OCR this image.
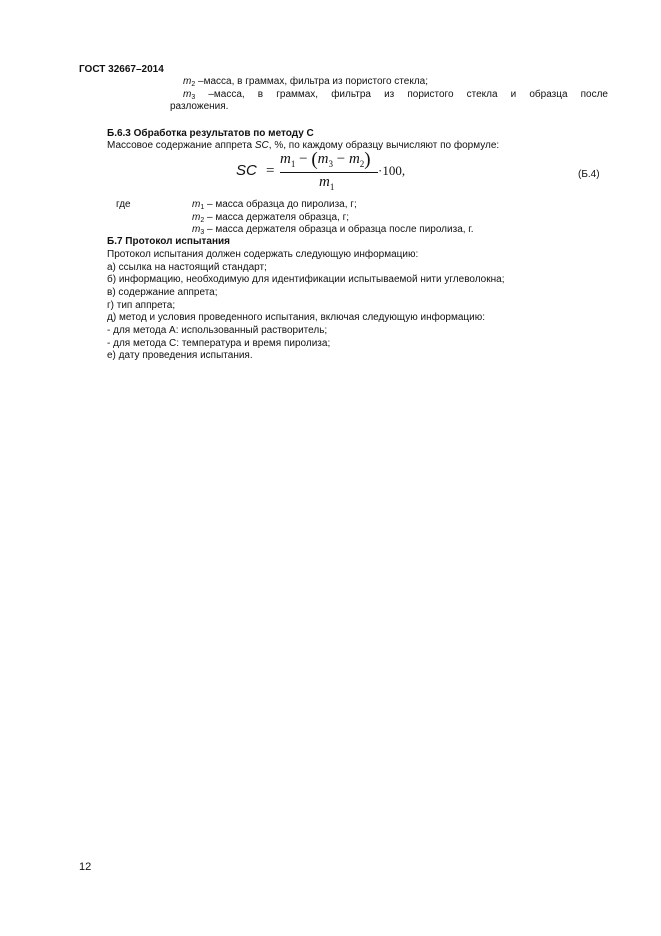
ГОСТ 32667–2014
$m_2$ –масса, в граммах, фильтра из пористого стекла;
$m_3$ –масса, в граммах, фильтра из пористого стекла и образца после
разложения.
Б.6.3 Обработка результатов по методу С
Массовое содержание аппрета SC, %, по каждому образцу вычисляют по формуле:
SC =
$m_1 - (m_3 - m_2)$
$m_1$
·100,	(Б.4)
где	$m_1$ – масса образца до пиролиза, г;
$m_2$ – масса держателя образца, г;
$m_3$ – масса держателя образца и образца после пиролиза, г.
Б.7 Протокол испытания
Протокол испытания должен содержать следующую информацию:
а) ссылка на настоящий стандарт;
б) информацию, необходимую для идентификации испытываемой нити углеволокна;
в) содержание аппрета;
г) тип аппрета;
д) метод и условия проведенного испытания, включая следующую информацию:
- для метода А: использованный растворитель;
- для метода С: температура и время пиролиза;
е) дату проведения испытания.
12
